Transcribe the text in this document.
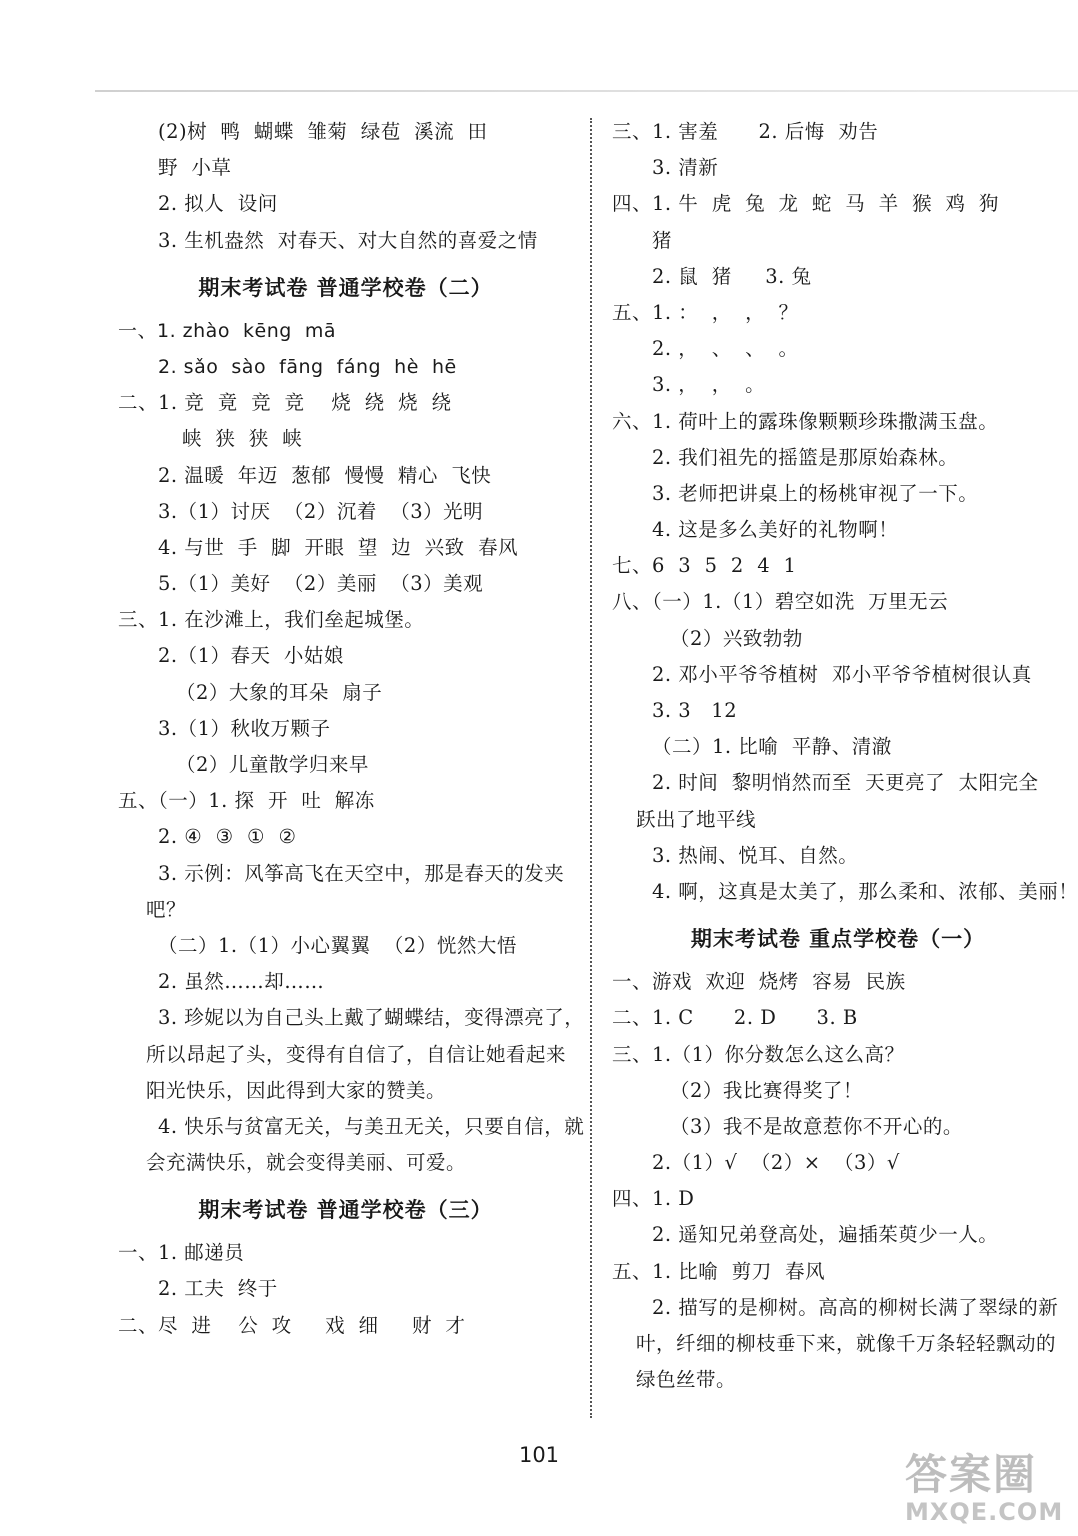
(2)树  鸭  蝴蝶  雏菊  绿苞  溪流  田
野  小草
2. 拟人  设问
3. 生机盎然  对春天、对大自然的喜爱之情
期末考试卷 普通学校卷（二）
一、1. zhào  kēng  mā
2. sǎo  sào  fāng  fáng  hè  hē
二、1. 竞  竟  竞  竞    烧  绕  烧  绕
峡  狭  狭  峡
2. 温暖  年迈  葱郁  慢慢  精心  飞快
3.（1）讨厌  （2）沉着  （3）光明
4. 与世  手  脚  开眼  望  边  兴致  春风
5.（1）美好  （2）美丽  （3）美观
三、1. 在沙滩上，我们垒起城堡。
2.（1）春天  小姑娘
（2）大象的耳朵  扇子
3.（1）秋收万颗子
（2）儿童散学归来早
五、（一）1. 探  开  吐  解冻
2. ④  ③  ①  ②
3. 示例：风筝高飞在天空中，那是春天的发夹
吧？
（二）1.（1）小心翼翼  （2）恍然大悟
2. 虽然……却……
3. 珍妮以为自己头上戴了蝴蝶结，变得漂亮了，
所以昂起了头，变得有自信了，自信让她看起来
阳光快乐，因此得到大家的赞美。
4. 快乐与贫富无关，与美丑无关，只要自信，就
会充满快乐，就会变得美丽、可爱。
期末考试卷 普通学校卷（三）
一、1. 邮递员
2. 工夫  终于
二、尽  进    公  攻     戏  细     财  才
三、1. 害羞      2. 后悔  劝告
3. 清新
四、1. 牛  虎  兔  龙  蛇  马  羊  猴  鸡  狗
猪
2. 鼠  猪     3. 兔
五、1. ：  ，  ，  ？
2. ，  、  、  。
3. ，  ，  。
六、1. 荷叶上的露珠像颗颗珍珠撒满玉盘。
2. 我们祖先的摇篮是那原始森林。
3. 老师把讲桌上的杨桃审视了一下。
4. 这是多么美好的礼物啊！
七、6  3  5  2  4  1
八、（一）1.（1）碧空如洗  万里无云
（2）兴致勃勃
2. 邓小平爷爷植树  邓小平爷爷植树很认真
3. 3   12
（二）1. 比喻  平静、清澈
2. 时间  黎明悄然而至  天更亮了  太阳完全
跃出了地平线
3. 热闹、悦耳、自然。
4. 啊，这真是太美了，那么柔和、浓郁、美丽！
期末考试卷 重点学校卷（一）
一、游戏  欢迎  烧烤  容易  民族
二、1. C      2. D      3. B
三、1.（1）你分数怎么这么高？
（2）我比赛得奖了！
（3）我不是故意惹你不开心的。
2.（1）√  （2）×  （3）√
四、1. D
2. 遥知兄弟登高处，遍插茱萸少一人。
五、1. 比喻  剪刀  春风
2. 描写的是柳树。高高的柳树长满了翠绿的新
叶，纤细的柳枝垂下来，就像千万条轻轻飘动的
绿色丝带。
101	答案圈
MXQE.COM
